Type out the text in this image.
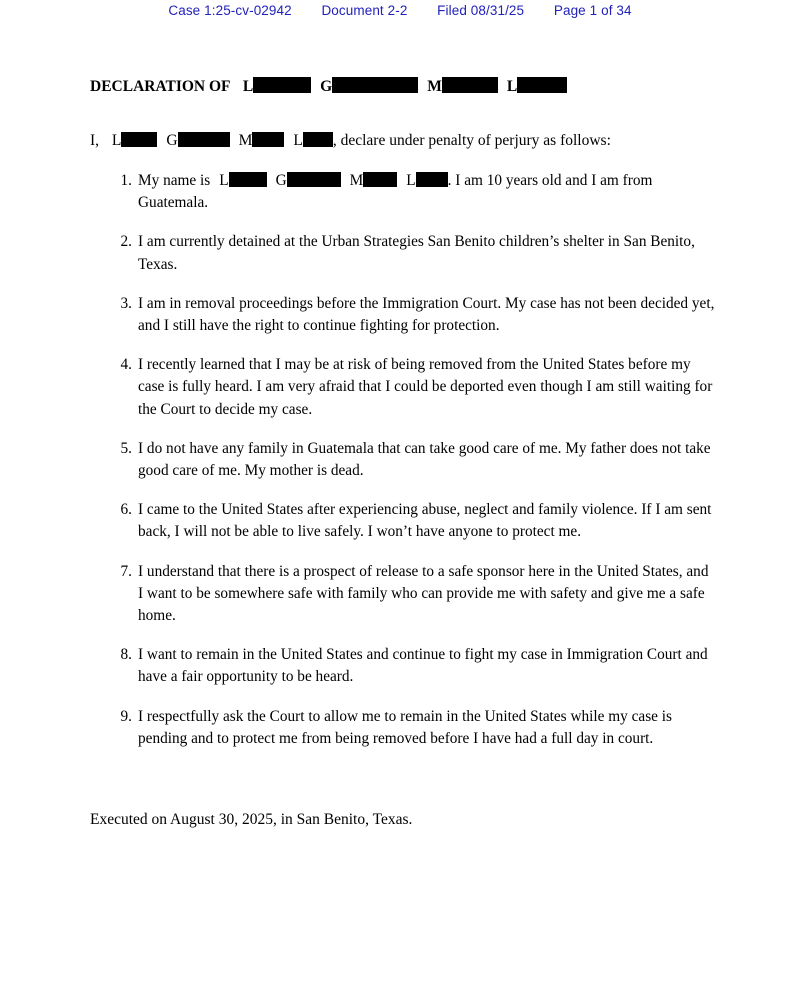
Case 1:25-cv-02942 Document 2-2 Filed 08/31/25 Page 1 of 34
DECLARATION OF L	G	M	L
I, L	G	M	L , declare under penalty of perjury as follows:
1. My name is L	G	M	L . I am 10 years old and I am from Guatemala.
2. I am currently detained at the Urban Strategies San Benito children’s shelter in San Benito, Texas.
3. I am in removal proceedings before the Immigration Court. My case has not been decided yet, and I still have the right to continue fighting for protection.
4. I recently learned that I may be at risk of being removed from the United States before my case is fully heard. I am very afraid that I could be deported even though I am still waiting for the Court to decide my case.
5. I do not have any family in Guatemala that can take good care of me. My father does not take good care of me. My mother is dead.
6. I came to the United States after experiencing abuse, neglect and family violence. If I am sent back, I will not be able to live safely. I won’t have anyone to protect me.
7. I understand that there is a prospect of release to a safe sponsor here in the United States, and I want to be somewhere safe with family who can provide me with safety and give me a safe home.
8. I want to remain in the United States and continue to fight my case in Immigration Court and have a fair opportunity to be heard.
9. I respectfully ask the Court to allow me to remain in the United States while my case is pending and to protect me from being removed before I have had a full day in court.
Executed on August 30, 2025, in San Benito, Texas.
